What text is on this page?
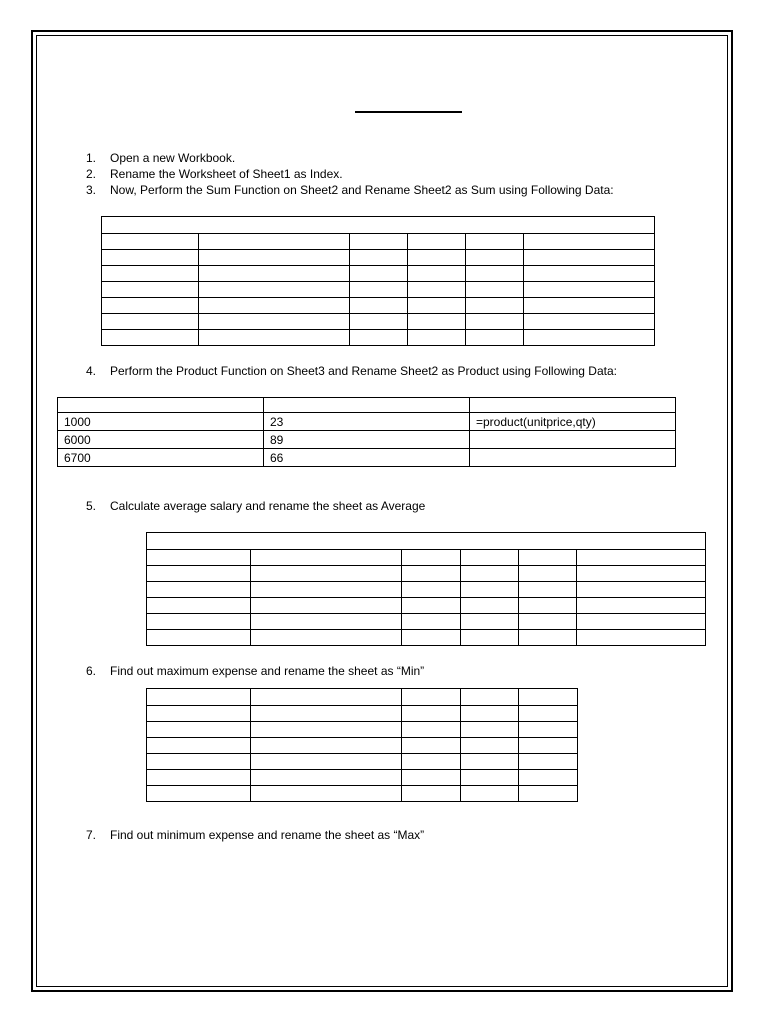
1.	Open a new Workbook.
2.	Rename the Worksheet of Sheet1 as Index.
3.	Now, Perform the Sum Function on Sheet2 and Rename Sheet2 as Sum using Following Data:

4.	Perform the Product Function on Sheet3 and Rename Sheet2 as Product using Following Data:

1000	23	=product(unitprice,qty)
6000	89	
6700	66	
5.	Calculate average salary and rename the sheet as Average

6.	Find out maximum expense and rename the sheet as “Min”

7.	Find out minimum expense and rename the sheet as “Max”
